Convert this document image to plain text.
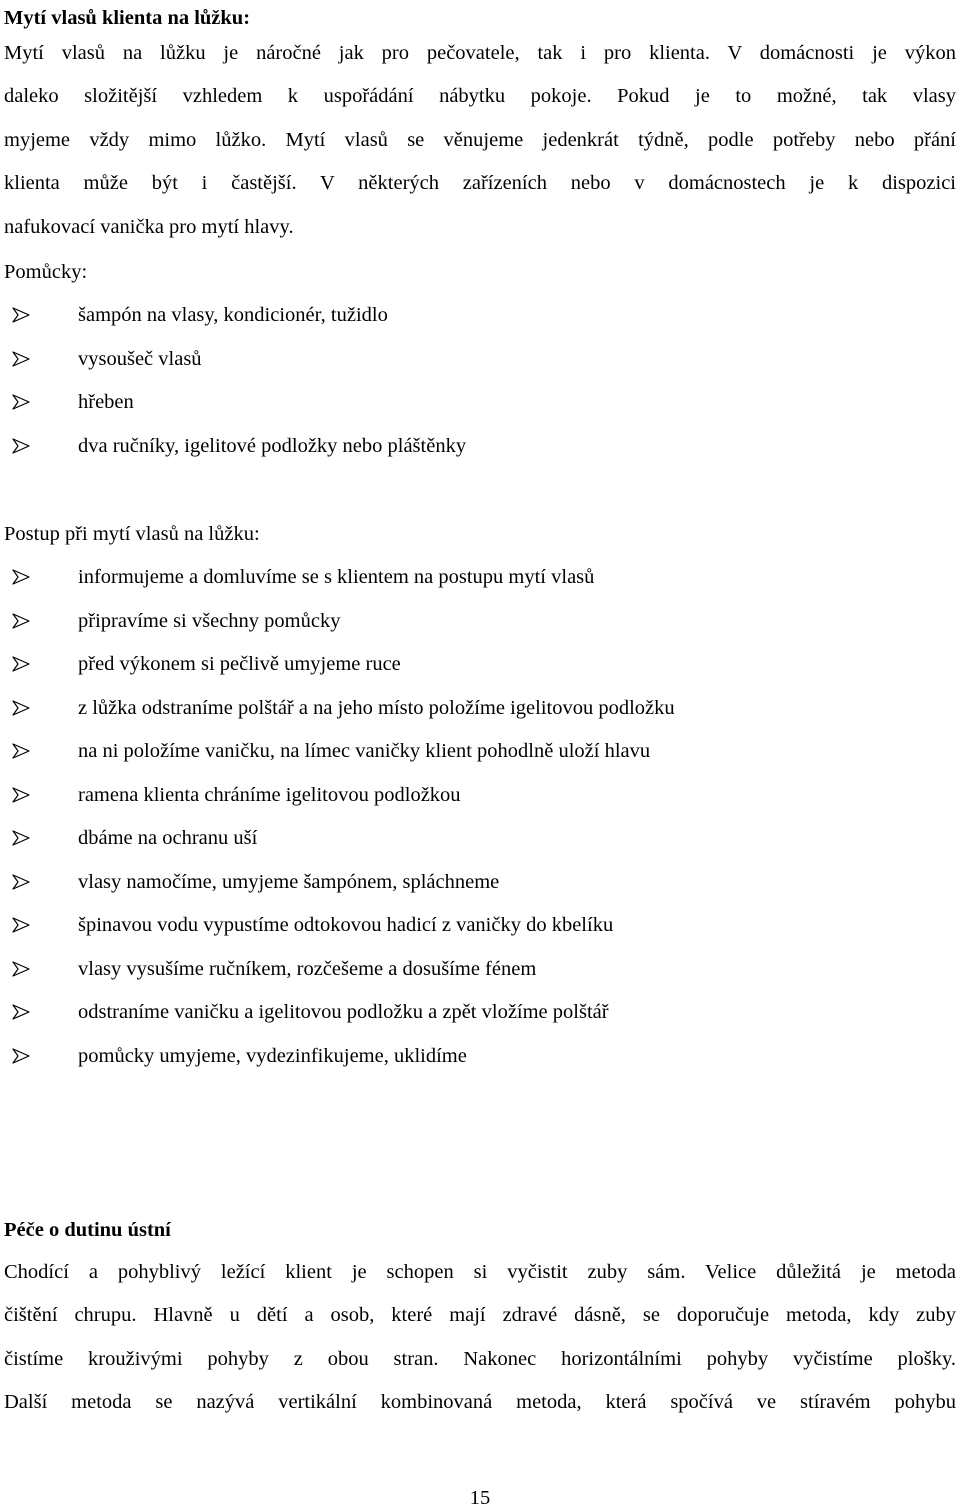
Mytí vlasů klienta na lůžku:
Mytí vlasů na lůžku je náročné jak pro pečovatele, tak i pro klienta. V domácnosti je výkon
daleko složitější vzhledem k uspořádání nábytku pokoje. Pokud je to možné, tak vlasy
myjeme vždy mimo lůžko. Mytí vlasů se věnujeme jedenkrát týdně, podle potřeby nebo přání
klienta může být i častější. V některých zařízeních nebo v domácnostech je k dispozici
nafukovací vanička pro mytí hlavy.
Pomůcky:
šampón na vlasy, kondicionér, tužidlo
vysoušeč vlasů
hřeben
dva ručníky, igelitové podložky nebo pláštěnky
Postup při mytí vlasů na lůžku:
informujeme a domluvíme se s klientem na postupu mytí vlasů
připravíme si všechny pomůcky
před výkonem si pečlivě umyjeme ruce
z lůžka odstraníme polštář a na jeho místo položíme igelitovou podložku
na ni položíme vaničku, na límec vaničky klient pohodlně uloží hlavu
ramena klienta chráníme igelitovou podložkou
dbáme na ochranu uší
vlasy namočíme, umyjeme šampónem, spláchneme
špinavou vodu vypustíme odtokovou hadicí z vaničky do kbelíku
vlasy vysušíme ručníkem, rozčešeme a dosušíme fénem
odstraníme vaničku a igelitovou podložku a zpět vložíme polštář
pomůcky umyjeme, vydezinfikujeme, uklidíme
Péče o dutinu ústní
Chodící a pohyblivý ležící klient je schopen si vyčistit zuby sám. Velice důležitá je metoda
čištění chrupu. Hlavně u dětí a osob, které mají zdravé dásně, se doporučuje metoda, kdy zuby
čistíme krouživými pohyby z obou stran. Nakonec horizontálními pohyby vyčistíme plošky.
Další metoda se nazývá vertikální kombinovaná metoda, která spočívá ve stíravém pohybu
15
